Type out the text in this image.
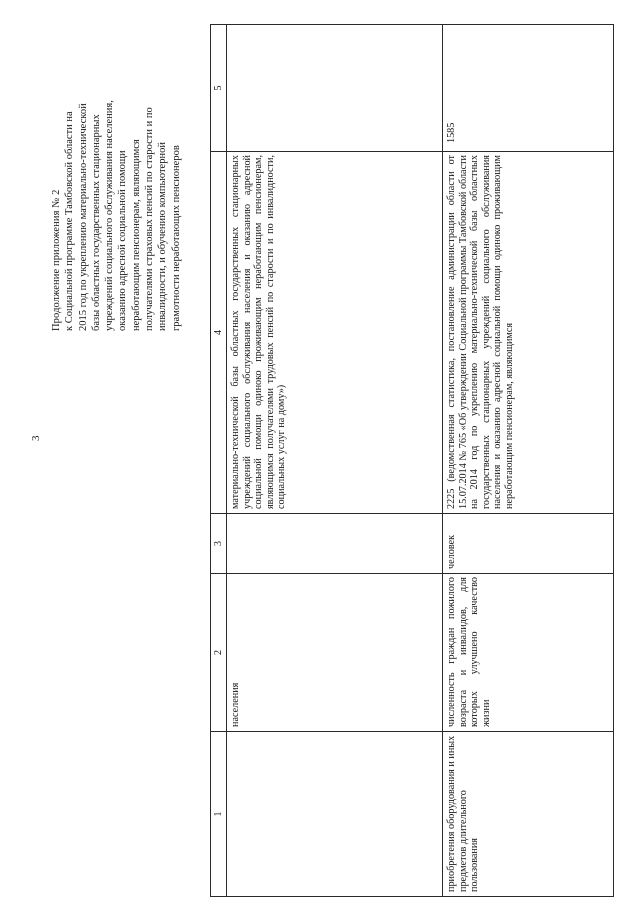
3

Продолжение приложения № 2 к Социальной программе Тамбовской области на 2015 год по укреплению материально-технической базы областных государственных стационарных учреждений социального обслуживания населения, оказанию адресной социальной помощи неработающим пенсионерам, являющимся получателями страховых пенсий по старости и по инвалидности, и обучению компьютерной грамотности неработающих пенсионеров
1	2	3	4	5
	населения		материально-технической базы областных государственных стационарных учреждений социального обслуживания населения и оказанию адресной социальной помощи одиноко проживающим неработающим пенсионерам, являющимся получателями трудовых пенсий по старости и по инвалидности, социальных услуг на дому»)	
приобретения оборудования и иных предметов длительного пользования	численность граждан пожилого возраста и инвалидов, для которых улучшено качество жизни	человек	2225 (ведомственная статистика, постановление администрации области от 15.07.2014 № 765 «Об утверждении Социальной программы Тамбовской области на 2014 год по укреплению материально-технической базы областных государственных стационарных учреждений социального обслуживания населения и оказанию адресной социальной помощи одиноко проживающим неработающим пенсионерам, являющимся	1585
